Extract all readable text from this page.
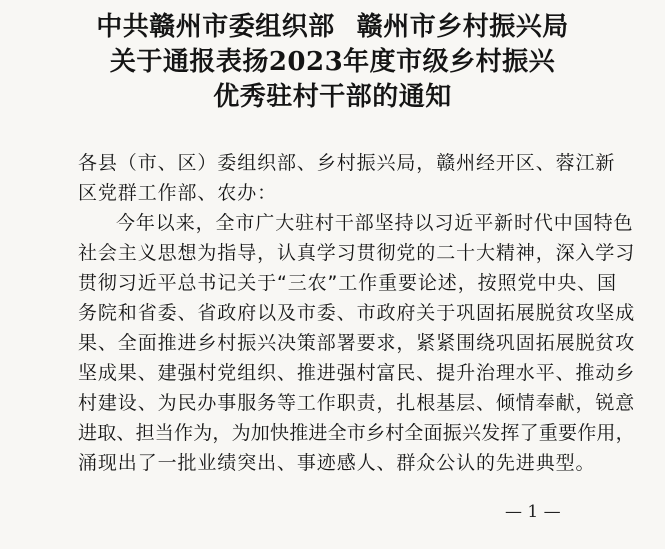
中共赣州市委组织部 赣州市乡村振兴局
关于通报表扬2023年度市级乡村振兴
优秀驻村干部的通知
各县（市、区）委组织部、乡村振兴局，赣州经开区、蓉江新
区党群工作部、农办：
今年以来，全市广大驻村干部坚持以习近平新时代中国特色
社会主义思想为指导，认真学习贯彻党的二十大精神，深入学习
贯彻习近平总书记关于“三农”工作重要论述，按照党中央、国
务院和省委、省政府以及市委、市政府关于巩固拓展脱贫攻坚成
果、全面推进乡村振兴决策部署要求，紧紧围绕巩固拓展脱贫攻
坚成果、建强村党组织、推进强村富民、提升治理水平、推动乡
村建设、为民办事服务等工作职责，扎根基层、倾情奉献，锐意
进取、担当作为，为加快推进全市乡村全面振兴发挥了重要作用，
涌现出了一批业绩突出、事迹感人、群众公认的先进典型。
— 1 —
